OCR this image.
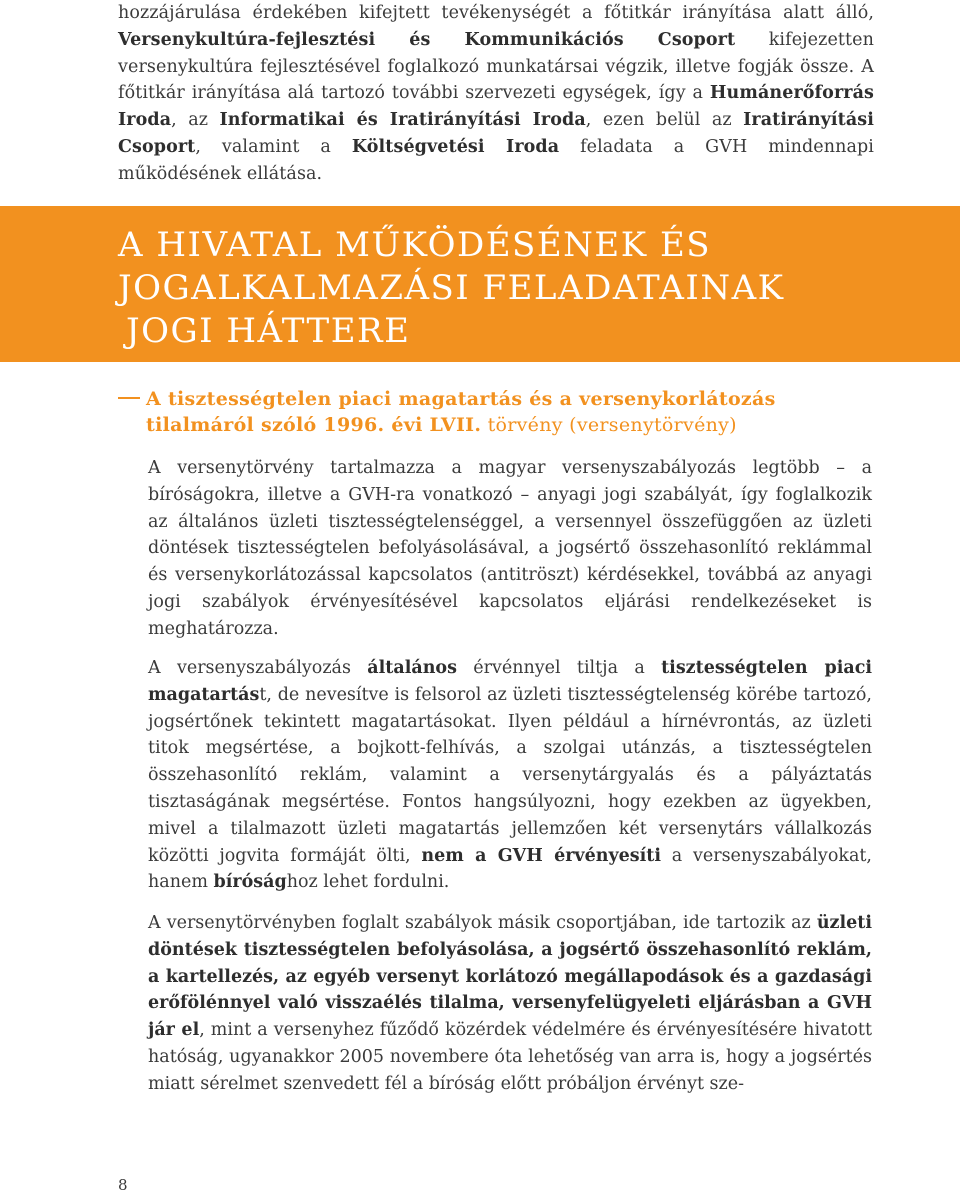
hozzájárulása érdekében kifejtett tevékenységét a főtitkár irányítása alatt álló, Versenykultúra-fejlesztési és Kommunikációs Csoport kifejezetten versenykultúra fejlesztésével foglalkozó munkatársai végzik, illetve fogják össze. A főtitkár irányítása alá tartozó további szervezeti egységek, így a Humánerőforrás Iroda, az Informatikai és Iratirányítási Iroda, ezen belül az Iratirányítási Csoport, valamint a Költségvetési Iroda feladata a GVH mindennapi működésének ellátása.
A HIVATAL MŰKÖDÉSÉNEK ÉS
JOGALKALMAZÁSI FELADATAINAK
JOGI HÁTTERE
A tisztességtelen piaci magatartás és a versenykorlátozás
tilalmáról szóló 1996. évi LVII. törvény (versenytörvény)
A versenytörvény tartalmazza a magyar versenyszabályozás legtöbb – a bíróságokra, illetve a GVH-ra vonatkozó – anyagi jogi szabályát, így foglalkozik az általános üzleti tisztességtelenséggel, a versennyel összefüggően az üzleti döntések tisztességtelen befolyásolásával, a jogsértő összehasonlító reklámmal és versenykorlátozással kapcsolatos (antitröszt) kérdésekkel, továbbá az anyagi jogi szabályok érvényesítésével kapcsolatos eljárási rendelkezéseket is meghatározza.
A versenyszabályozás általános érvénnyel tiltja a tisztességtelen piaci magatartást, de nevesítve is felsorol az üzleti tisztességtelenség körébe tartozó, jogsértőnek tekintett magatartásokat. Ilyen például a hírnévrontás, az üzleti titok megsértése, a bojkott-felhívás, a szolgai utánzás, a tisztességtelen összehasonlító reklám, valamint a versenytárgyalás és a pályáztatás tisztaságának megsértése. Fontos hangsúlyozni, hogy ezekben az ügyekben, mivel a tilalmazott üzleti magatartás jellemzően két versenytárs vállalkozás közötti jogvita formáját ölti, nem a GVH érvényesíti a versenyszabályokat, hanem bírósághoz lehet fordulni.
A versenytörvényben foglalt szabályok másik csoportjában, ide tartozik az üzleti döntések tisztességtelen befolyásolása, a jogsértő összehasonlító reklám, a kartellezés, az egyéb versenyt korlátozó megállapodások és a gazdasági erőfölénnyel való visszaélés tilalma, versenyfelügyeleti eljárásban a GVH jár el, mint a versenyhez fűződő közérdek védelmére és érvényesítésére hivatott hatóság, ugyanakkor 2005 novembere óta lehetőség van arra is, hogy a jogsértés miatt sérelmet szenvedett fél a bíróság előtt próbáljon érvényt sze-
8
